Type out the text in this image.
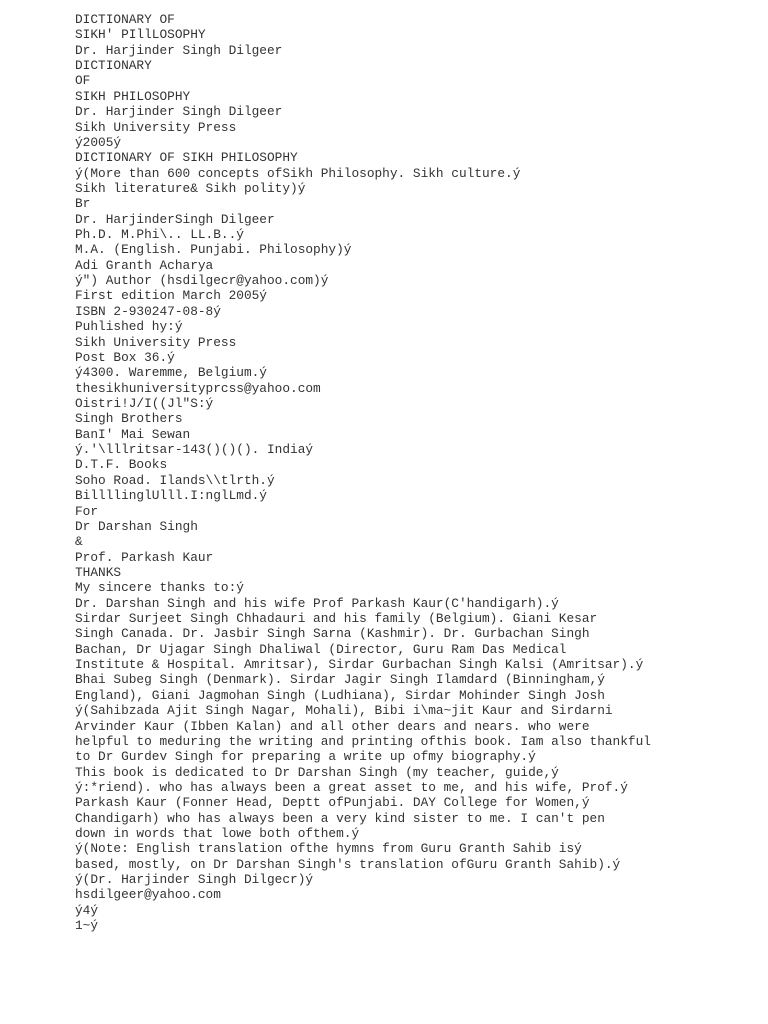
DICTIONARY OF
SIKH' PIllLOSOPHY
Dr. Harjinder Singh Dilgeer
DICTIONARY
OF
SIKH PHILOSOPHY
Dr. Harjinder Singh Dilgeer
Sikh University Press
ý2005ý
DICTIONARY OF SIKH PHILOSOPHY
ý(More than 600 concepts ofSikh Philosophy. Sikh culture.ý
Sikh literature& Sikh polity)ý
Br
Dr. HarjinderSingh Dilgeer
Ph.D. M.Phi\.. LL.B..ý
M.A. (English. Punjabi. Philosophy)ý
Adi Granth Acharya
ý") Author (hsdilgecr@yahoo.com)ý
First edition March 2005ý
ISBN 2-930247-08-8ý
Puhlished hy:ý
Sikh University Press
Post Box 36.ý
ý4300. Waremme, Belgium.ý
thesikhuniversityprcss@yahoo.com
Oistri!J/I((Jl"S:ý
Singh Brothers
BanI' Mai Sewan
ý.'\lllritsar-143()()(). Indiaý
D.T.F. Books
Soho Road. Ilands\\tlrth.ý
BillllinglUlll.I:nglLmd.ý
For
Dr Darshan Singh
&
Prof. Parkash Kaur
THANKS
My sincere thanks to:ý
Dr. Darshan Singh and his wife Prof Parkash Kaur(C'handigarh).ý
Sirdar Surjeet Singh Chhadauri and his family (Belgium). Giani Kesar
Singh Canada. Dr. Jasbir Singh Sarna (Kashmir). Dr. Gurbachan Singh
Bachan, Dr Ujagar Singh Dhaliwal (Director, Guru Ram Das Medical
Institute & Hospital. Amritsar), Sirdar Gurbachan Singh Kalsi (Amritsar).ý
Bhai Subeg Singh (Denmark). Sirdar Jagir Singh Ilamdard (Binningham,ý
England), Giani Jagmohan Singh (Ludhiana), Sirdar Mohinder Singh Josh
ý(Sahibzada Ajit Singh Nagar, Mohali), Bibi i\ma~jit Kaur and Sirdarni
Arvinder Kaur (Ibben Kalan) and all other dears and nears. who were
helpful to meduring the writing and printing ofthis book. Iam also thankful
to Dr Gurdev Singh for preparing a write up ofmy biography.ý
This book is dedicated to Dr Darshan Singh (my teacher, guide,ý
ý:*riend). who has always been a great asset to me, and his wife, Prof.ý
Parkash Kaur (Fonner Head, Deptt ofPunjabi. DAY College for Women,ý
Chandigarh) who has always been a very kind sister to me. I can't pen
down in words that lowe both ofthem.ý
ý(Note: English translation ofthe hymns from Guru Granth Sahib isý
based, mostly, on Dr Darshan Singh's translation ofGuru Granth Sahib).ý
ý(Dr. Harjinder Singh Dilgecr)ý
hsdilgeer@yahoo.com
ý4ý
1~ý
